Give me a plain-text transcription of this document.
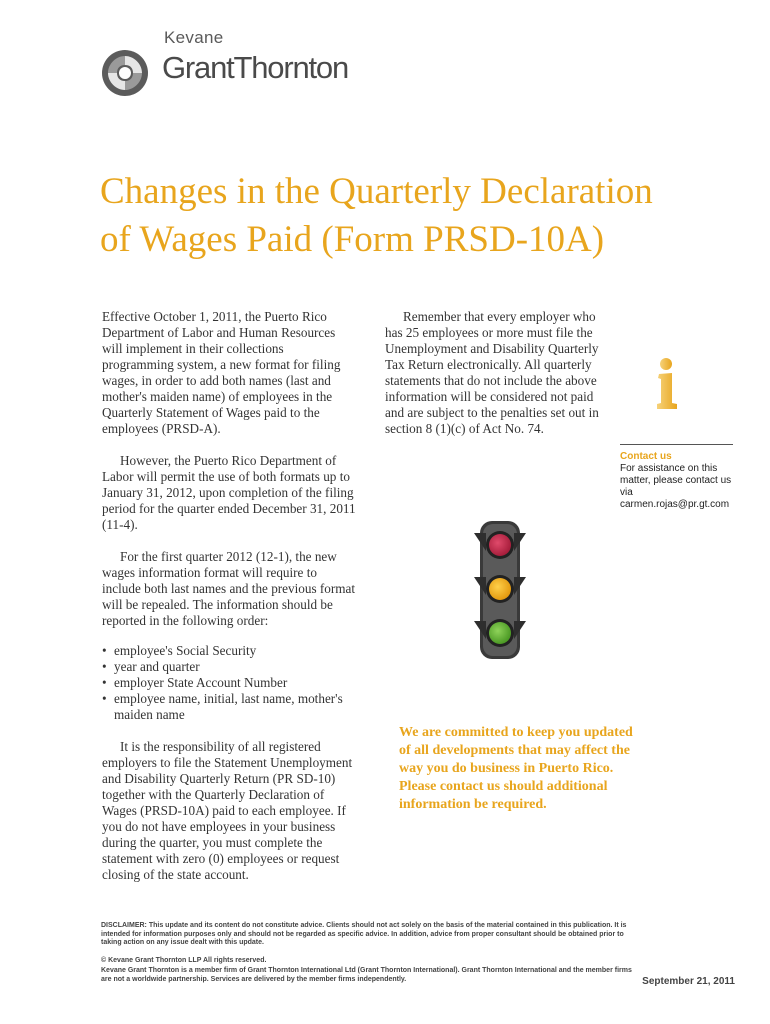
Kevane
GrantThornton
Changes in the Quarterly Declaration
of Wages Paid (Form PRSD-10A)

Effective October 1, 2011, the Puerto Rico Department of Labor and Human Resources will implement in their collections programming system, a new format for filing wages, in order to add both names (last and mother's maiden name) of employees in the Quarterly Statement of Wages paid to the employees (PRSD-A).

However, the Puerto Rico Department of Labor will permit the use of both formats up to January 31, 2012, upon completion of the filing period for the quarter ended December 31, 2011 (11-4).

For the first quarter 2012 (12-1), the new wages information format will require to include both last names and the previous format will be repealed. The information should be reported in the following order:

• employee's Social Security
• year and quarter
• employer State Account Number
• employee name, initial, last name, mother's maiden name

It is the responsibility of all registered employers to file the Statement Unemployment and Disability Quarterly Return (PR SD-10) together with the Quarterly Declaration of Wages (PRSD-10A) paid to each employee. If you do not have employees in your business during the quarter, you must complete the statement with zero (0) employees or request closing of the state account.

Remember that every employer who has 25 employees or more must file the Unemployment and Disability Quarterly Tax Return electronically. All quarterly statements that do not include the above information will be considered not paid and are subject to the penalties set out in section 8 (1)(c) of Act No. 74.

Contact us
For assistance on this matter, please contact us via
carmen.rojas@pr.gt.com
We are committed to keep you updated of all developments that may affect the way you do business in Puerto Rico. Please contact us should additional information be required.
DISCLAIMER: This update and its content do not constitute advice. Clients should not act solely on the basis of the material contained in this publication. It is intended for information purposes only and should not be regarded as specific advice. In addition, advice from proper consultant should be obtained prior to taking action on any issue dealt with this update.
© Kevane Grant Thornton LLP All rights reserved.
Kevane Grant Thornton is a member firm of Grant Thornton International Ltd (Grant Thornton International). Grant Thornton International and the member firms are not a worldwide partnership. Services are delivered by the member firms independently.	September 21, 2011
